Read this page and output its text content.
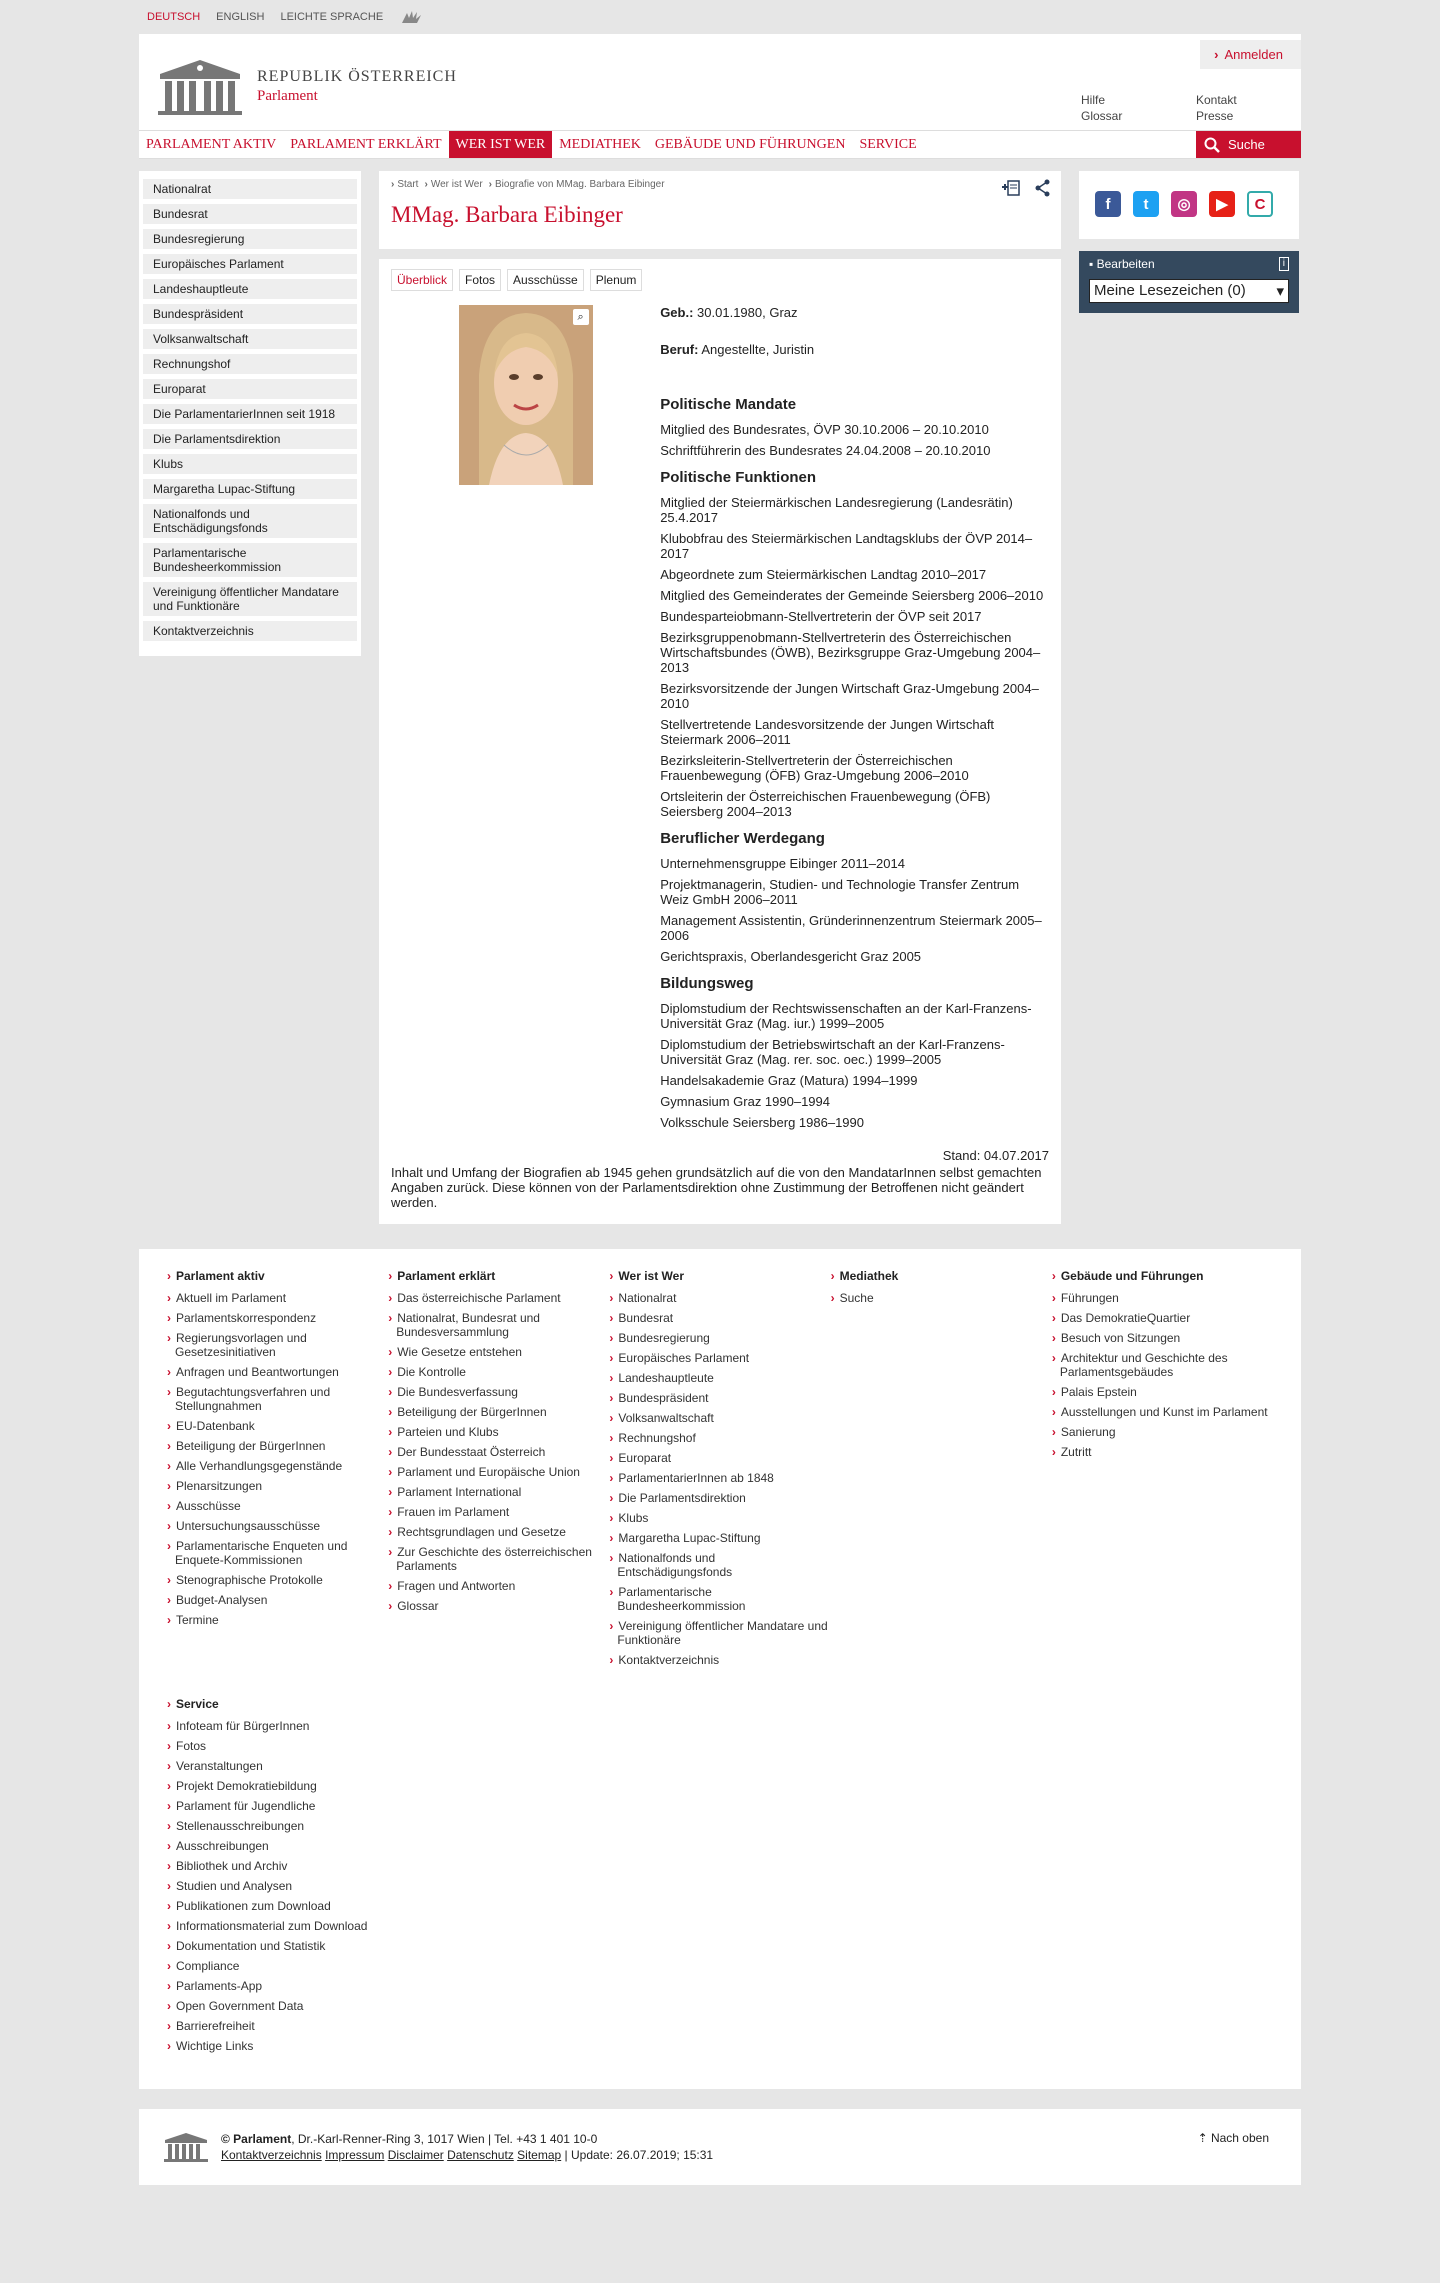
DEUTSCH ENGLISH LEICHTE SPRACHE
REPUBLIK ÖSTERREICH
Parlament
› Anmelden
Hilfe
Glossar
Kontakt
Presse
PARLAMENT AKTIV	PARLAMENT ERKLÄRT	WER IST WER	MEDIATHEK	GEBÄUDE UND FÜHRUNGEN	SERVICE	Suche
Nationalrat
Bundesrat
Bundesregierung
Europäisches Parlament
Landeshauptleute
Bundespräsident
Volksanwaltschaft
Rechnungshof
Europarat
Die ParlamentarierInnen seit 1918
Die Parlamentsdirektion
Klubs
Margaretha Lupac-Stiftung
Nationalfonds und Entschädigungsfonds
Parlamentarische Bundesheerkommission
Vereinigung öffentlicher Mandatare und Funktionäre
Kontaktverzeichnis
› Start	› Wer ist Wer	› Biografie von MMag. Barbara Eibinger
MMag. Barbara Eibinger
Überblick	Fotos	Ausschüsse	Plenum
⌕	Geb.: 30.01.1980, Graz
Beruf: Angestellte, Juristin
Politische Mandate
Mitglied des Bundesrates, ÖVP 30.10.2006 – 20.10.2010
Schriftführerin des Bundesrates 24.04.2008 – 20.10.2010
Politische Funktionen
Mitglied der Steiermärkischen Landesregierung (Landesrätin) 25.4.2017
Klubobfrau des Steiermärkischen Landtagsklubs der ÖVP 2014–2017
Abgeordnete zum Steiermärkischen Landtag 2010–2017
Mitglied des Gemeinderates der Gemeinde Seiersberg 2006–2010
Bundesparteiobmann-Stellvertreterin der ÖVP seit 2017
Bezirksgruppenobmann-Stellvertreterin des Österreichischen Wirtschaftsbundes (ÖWB), Bezirksgruppe Graz-Umgebung 2004–2013
Bezirksvorsitzende der Jungen Wirtschaft Graz-Umgebung 2004–2010
Stellvertretende Landesvorsitzende der Jungen Wirtschaft Steiermark 2006–2011
Bezirksleiterin-Stellvertreterin der Österreichischen Frauenbewegung (ÖFB) Graz-Umgebung 2006–2010
Ortsleiterin der Österreichischen Frauenbewegung (ÖFB) Seiersberg 2004–2013
Beruflicher Werdegang
Unternehmensgruppe Eibinger 2011–2014
Projektmanagerin, Studien- und Technologie Transfer Zentrum Weiz GmbH 2006–2011
Management Assistentin, Gründerinnenzentrum Steiermark 2005–2006
Gerichtspraxis, Oberlandesgericht Graz 2005
Bildungsweg
Diplomstudium der Rechtswissenschaften an der Karl-Franzens-Universität Graz (Mag. iur.) 1999–2005
Diplomstudium der Betriebswirtschaft an der Karl-Franzens-Universität Graz (Mag. rer. soc. oec.) 1999–2005
Handelsakademie Graz (Matura) 1994–1999
Gymnasium Graz 1990–1994
Volksschule Seiersberg 1986–1990
Stand: 04.07.2017
Inhalt und Umfang der Biografien ab 1945 gehen grundsätzlich auf die von den MandatarInnen selbst gemachten Angaben zurück. Diese können von der Parlamentsdirektion ohne Zustimmung der Betroffenen nicht geändert werden.
f	t	◎	▶	C
▪ Bearbeiten	i
Meine Lesezeichen (0) ▾
› Parlament aktiv
› Aktuell im Parlament
› Parlamentskorrespondenz
› Regierungsvorlagen und Gesetzesinitiativen
› Anfragen und Beantwortungen
› Begutachtungsverfahren und Stellungnahmen
› EU-Datenbank
› Beteiligung der BürgerInnen
› Alle Verhandlungsgegenstände
› Plenarsitzungen
› Ausschüsse
› Untersuchungsausschüsse
› Parlamentarische Enqueten und Enquete-Kommissionen
› Stenographische Protokolle
› Budget-Analysen
› Termine
› Parlament erklärt
› Das österreichische Parlament
› Nationalrat, Bundesrat und Bundesversammlung
› Wie Gesetze entstehen
› Die Kontrolle
› Die Bundesverfassung
› Beteiligung der BürgerInnen
› Parteien und Klubs
› Der Bundesstaat Österreich
› Parlament und Europäische Union
› Parlament International
› Frauen im Parlament
› Rechtsgrundlagen und Gesetze
› Zur Geschichte des österreichischen Parlaments
› Fragen und Antworten
› Glossar
› Wer ist Wer
› Nationalrat
› Bundesrat
› Bundesregierung
› Europäisches Parlament
› Landeshauptleute
› Bundespräsident
› Volksanwaltschaft
› Rechnungshof
› Europarat
› ParlamentarierInnen ab 1848
› Die Parlamentsdirektion
› Klubs
› Margaretha Lupac-Stiftung
› Nationalfonds und Entschädigungsfonds
› Parlamentarische Bundesheerkommission
› Vereinigung öffentlicher Mandatare und Funktionäre
› Kontaktverzeichnis
› Mediathek
› Suche
› Gebäude und Führungen
› Führungen
› Das DemokratieQuartier
› Besuch von Sitzungen
› Architektur und Geschichte des Parlamentsgebäudes
› Palais Epstein
› Ausstellungen und Kunst im Parlament
› Sanierung
› Zutritt
› Service
› Infoteam für BürgerInnen
› Fotos
› Veranstaltungen
› Projekt Demokratiebildung
› Parlament für Jugendliche
› Stellenausschreibungen
› Ausschreibungen
› Bibliothek und Archiv
› Studien und Analysen
› Publikationen zum Download
› Informationsmaterial zum Download
› Dokumentation und Statistik
› Compliance
› Parlaments-App
› Open Government Data
› Barrierefreiheit
› Wichtige Links
© Parlament, Dr.-Karl-Renner-Ring 3, 1017 Wien | Tel. +43 1 401 10-0
Kontaktverzeichnis Impressum Disclaimer Datenschutz Sitemap | Update: 26.07.2019; 15:31
⇡ Nach oben
